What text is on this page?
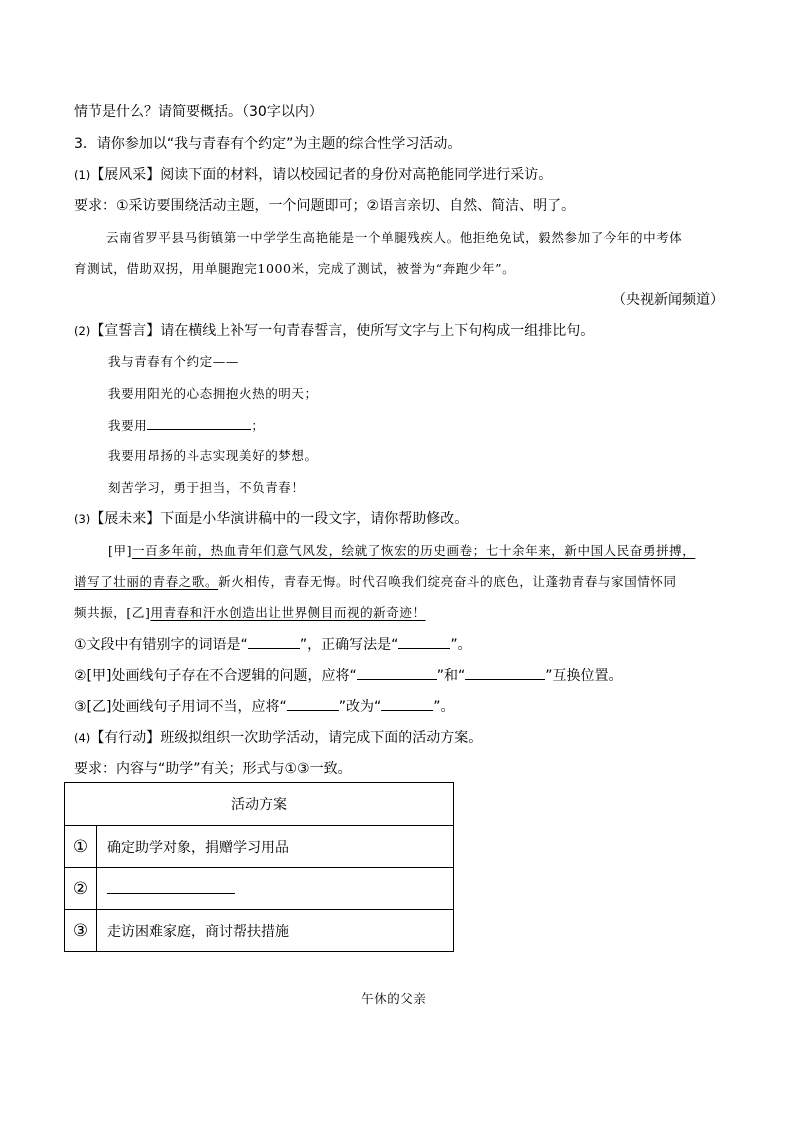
情节是什么？请简要概括。（30字以内）
3．请你参加以“我与青春有个约定”为主题的综合性学习活动。
(1)【展风采】阅读下面的材料，请以校园记者的身份对高艳能同学进行采访。
要求：①采访要围绕活动主题，一个问题即可；②语言亲切、自然、简洁、明了。
云南省罗平县马街镇第一中学学生高艳能是一个单腿残疾人。他拒绝免试，毅然参加了今年的中考体
育测试，借助双拐，用单腿跑完1000米，完成了测试，被誉为“奔跑少年”。
（央视新闻频道）
(2)【宣誓言】请在横线上补写一句青春誓言，使所写文字与上下句构成一组排比句。
我与青春有个约定——
我要用阳光的心态拥抱火热的明天；
我要用	；
我要用昂扬的斗志实现美好的梦想。
刻苦学习，勇于担当，不负青春！
(3)【展未来】下面是小华演讲稿中的一段文字，请你帮助修改。
[甲]一百多年前，热血青年们意气风发，绘就了恢宏的历史画卷；七十余年来，新中国人民奋勇拼搏，
谱写了壮丽的青春之歌。新火相传，青春无悔。时代召唤我们绽亮奋斗的底色，让蓬勃青春与家国情怀同
频共振，[乙]用青春和汗水创造出让世界侧目而视的新奇迹！
①文段中有错别字的词语是“	”，正确写法是“	”。
②[甲]处画线句子存在不合逻辑的问题，应将“	”和“	”互换位置。
③[乙]处画线句子用词不当，应将“	”改为“	”。
(4)【有行动】班级拟组织一次助学活动，请完成下面的活动方案。
要求：内容与“助学”有关；形式与①③一致。
活动方案	
①	确定助学对象，捐赠学习用品
②	
③	走访困难家庭，商讨帮扶措施
午休的父亲
